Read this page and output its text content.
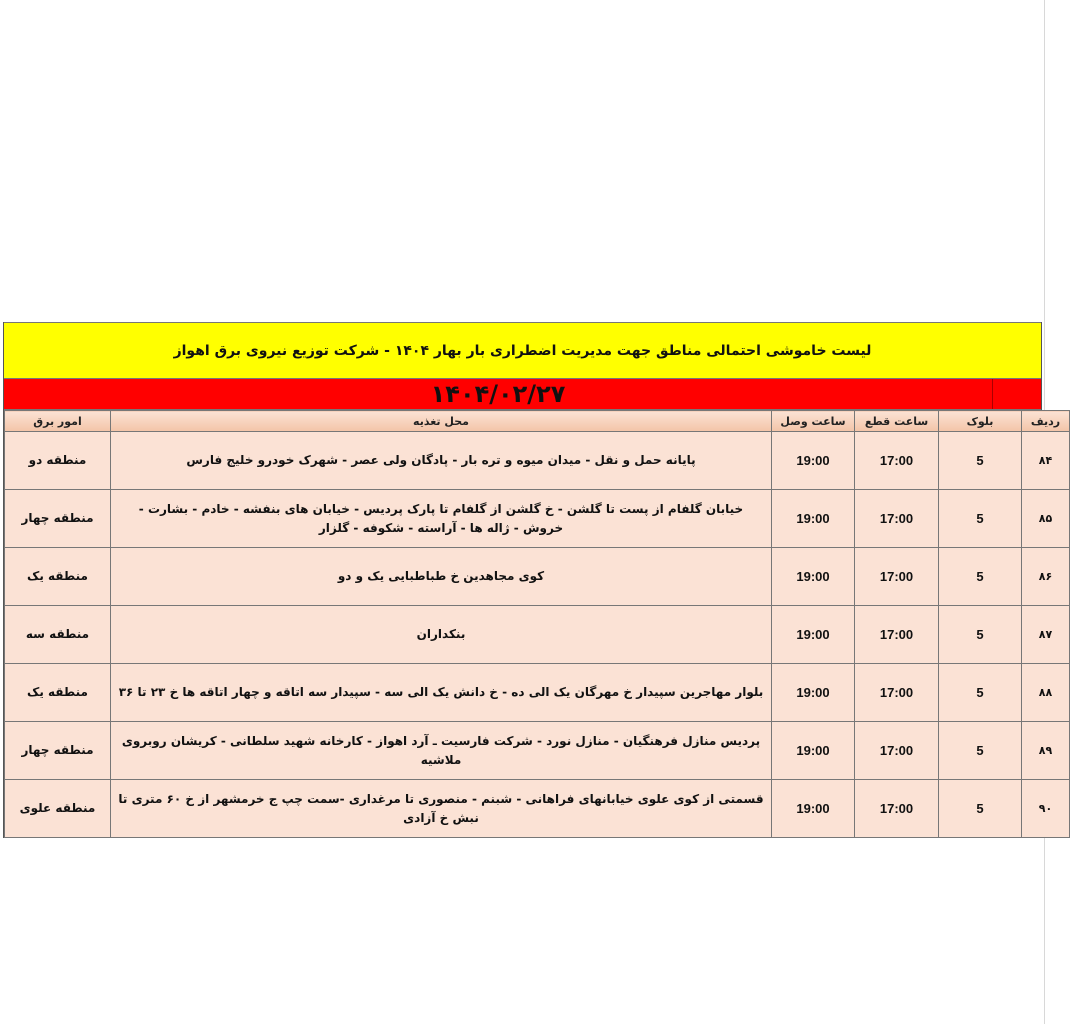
لیست خاموشی احتمالی مناطق جهت مدیریت اضطراری بار بهار ۱۴۰۴ - شرکت توزیع نیروی برق اهواز
۱۴۰۴/۰۲/۲۷
ردیف	بلوک	ساعت قطع	ساعت وصل	محل تغذیه	امور برق
۸۴	5	17:00	19:00	پایانه حمل و نقل - میدان میوه و تره بار - پادگان ولی عصر - شهرک خودرو خلیج فارس	منطقه دو
۸۵	5	17:00	19:00	خیابان گلفام از پست تا گلشن - خ گلشن از گلفام تا پارک پردیس - خیابان های بنفشه - خادم - بشارت - خروش - ژاله ها - آراسته - شکوفه - گلزار	منطقه چهار
۸۶	5	17:00	19:00	کوی مجاهدین خ طباطبایی یک و دو	منطقه یک
۸۷	5	17:00	19:00	بنکداران	منطقه سه
۸۸	5	17:00	19:00	بلوار مهاجرین سپیدار خ مهرگان یک الی ده - خ دانش یک الی سه - سپیدار سه اتاقه و چهار اتاقه ها خ ۲۳ تا ۳۶	منطقه یک
۸۹	5	17:00	19:00	پردیس منازل فرهنگیان - منازل نورد - شرکت فارسیت ـ آرد اهواز - کارخانه شهید سلطانی - کریشان روبروی ملاشیه	منطقه چهار
۹۰	5	17:00	19:00	قسمتی از کوی علوی خیابانهای فراهانی - شبنم - منصوری تا مرغداری -سمت چپ ج خرمشهر از خ ۶۰ متری تا نبش خ آزادی	منطقه علوی
